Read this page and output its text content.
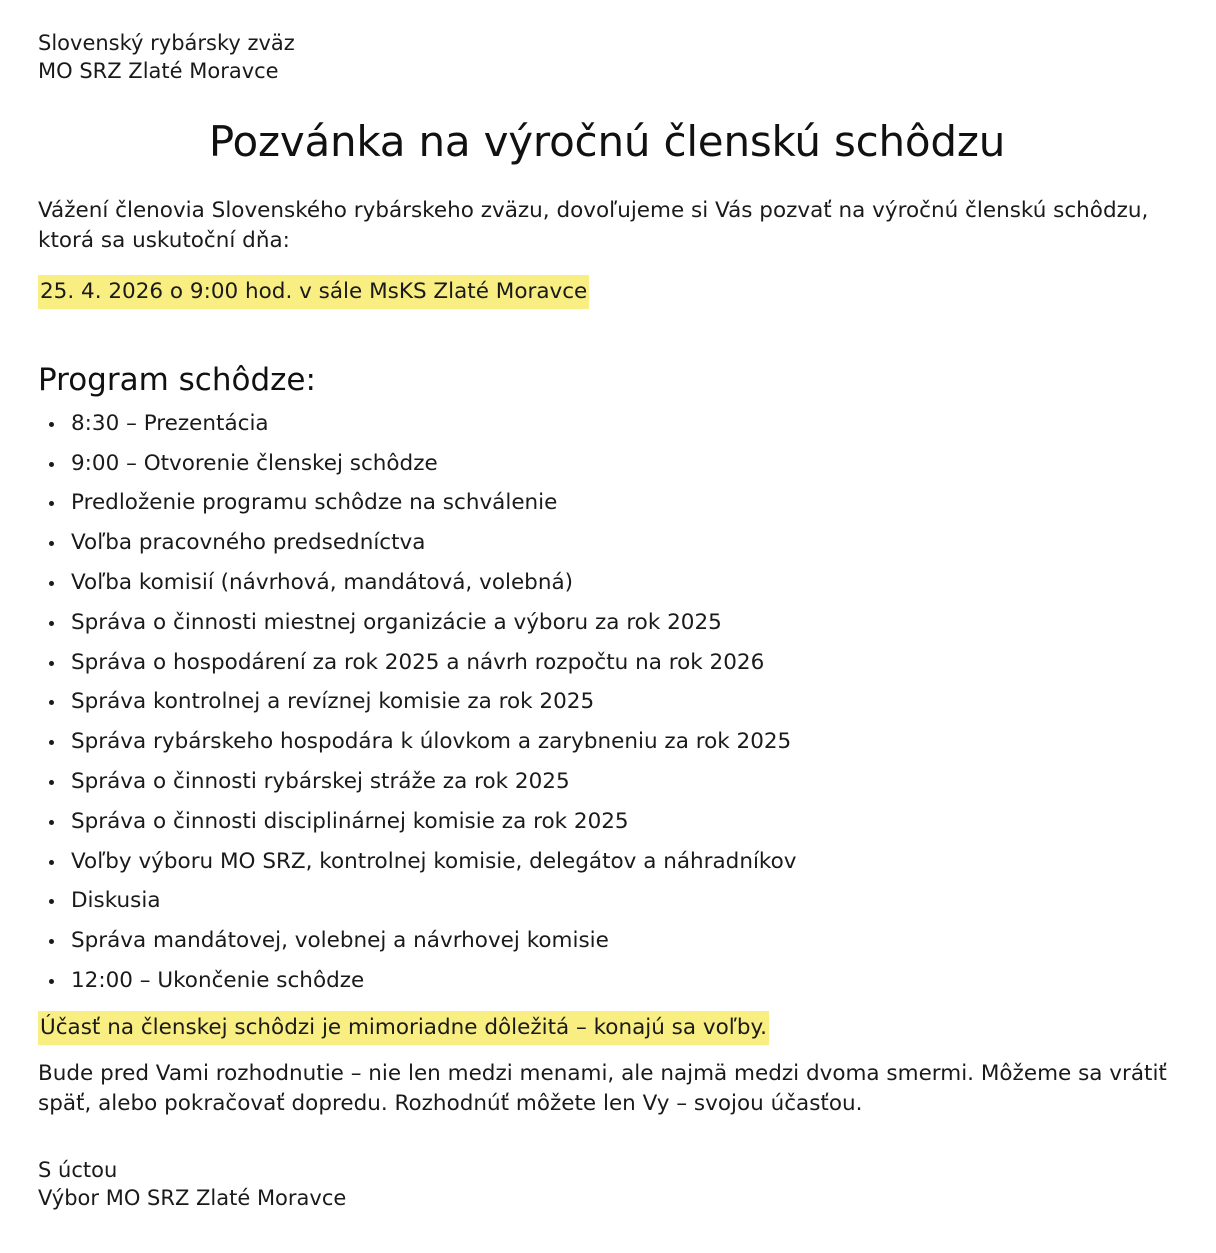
Slovenský rybársky zväz
MO SRZ Zlaté Moravce
Pozvánka na výročnú členskú schôdzu

Vážení členovia Slovenského rybárskeho zväzu, dovoľujeme si Vás pozvať na výročnú členskú schôdzu, ktorá sa uskutoční dňa:

25. 4. 2026 o 9:00 hod. v sále MsKS Zlaté Moravce

Program schôdze:
8:30 – Prezentácia
9:00 – Otvorenie členskej schôdze
Predloženie programu schôdze na schválenie
Voľba pracovného predsedníctva
Voľba komisií (návrhová, mandátová, volebná)
Správa o činnosti miestnej organizácie a výboru za rok 2025
Správa o hospodárení za rok 2025 a návrh rozpočtu na rok 2026
Správa kontrolnej a revíznej komisie za rok 2025
Správa rybárskeho hospodára k úlovkom a zarybneniu za rok 2025
Správa o činnosti rybárskej stráže za rok 2025
Správa o činnosti disciplinárnej komisie za rok 2025
Voľby výboru MO SRZ, kontrolnej komisie, delegátov a náhradníkov
Diskusia
Správa mandátovej, volebnej a návrhovej komisie
12:00 – Ukončenie schôdze

Účasť na členskej schôdzi je mimoriadne dôležitá – konajú sa voľby.

Bude pred Vami rozhodnutie – nie len medzi menami, ale najmä medzi dvoma smermi. Môžeme sa vrátiť späť, alebo pokračovať dopredu. Rozhodnúť môžete len Vy – svojou účasťou.

S úctou
Výbor MO SRZ Zlaté Moravce
